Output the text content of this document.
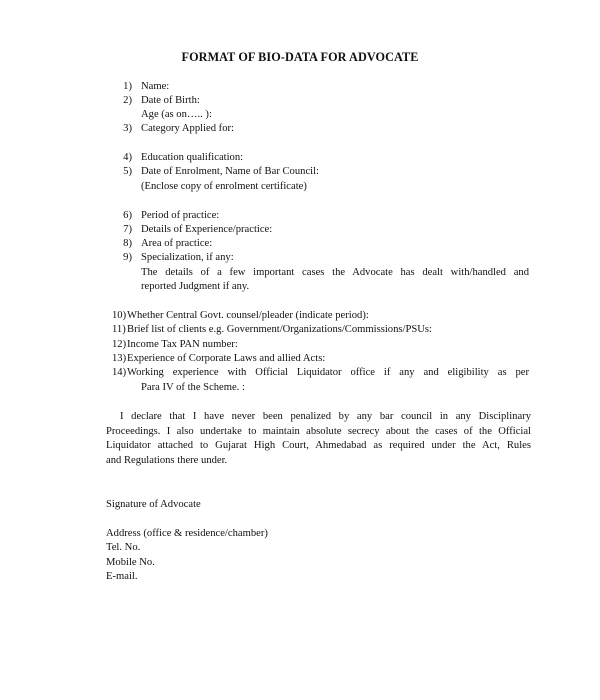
FORMAT OF BIO-DATA FOR ADVOCATE
1) Name:
2) Date of Birth:
Age (as on….. ):
3) Category Applied for:
4) Education qualification:
5) Date of Enrolment, Name of Bar Council:
(Enclose copy of enrolment certificate)
6) Period of practice:
7) Details of Experience/practice:
8) Area of practice:
9) Specialization, if any:
The details of a few important cases the Advocate has dealt with/handled and
reported Judgment if any.
10) Whether Central Govt. counsel/pleader (indicate period):
11) Brief list of clients e.g. Government/Organizations/Commissions/PSUs:
12) Income Tax PAN number:
13) Experience of Corporate Laws and allied Acts:
14) Working experience with Official Liquidator office if any and eligibility as per
Para IV of the Scheme. :
I declare that I have never been penalized by any bar council in any Disciplinary
Proceedings. I also undertake to maintain absolute secrecy about the cases of the Official
Liquidator attached to Gujarat High Court, Ahmedabad as required under the Act, Rules
and Regulations there under.
Signature of Advocate
Address (office & residence/chamber)
Tel. No.
Mobile No.
E-mail.
